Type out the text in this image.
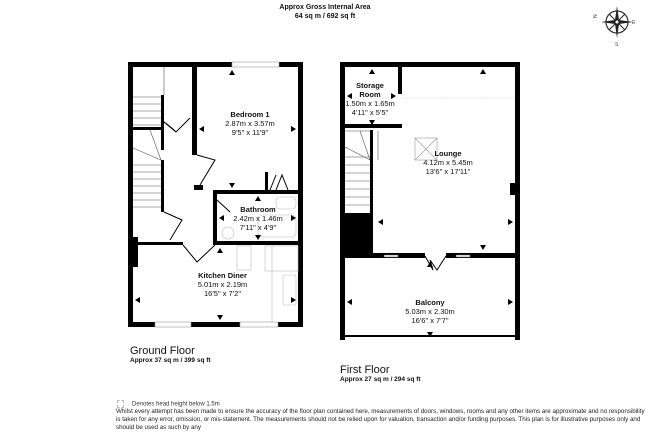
Approx Gross Internal Area
64 sq m / 692 sq ft	N
E
S
Bedroom 1
2.87m x 3.57m
9'5" x 11'9"
Bathroom
2.42m x 1.46m
7'11" x 4'9"
Kitchen Diner
5.01m x 2.19m
16'5" x 7'2"
Storage
Room
1.50m x 1.65m
4'11" x 5'5"
Lounge
4.12m x 5.45m
13'6" x 17'11"
Balcony
5.03m x 2.30m
16'6" x 7'7"
Ground Floor
Approx 37 sq m / 399 sq ft
First Floor
Approx 27 sq m / 294 sq ft
Denotes head height below 1.5m
Whilst every attempt has been made to ensure the accuracy of the floor plan contained here, measurements of doors, windows, rooms and any other items are approximate and no responsibility is taken for any error, omission, or mis-statement. The measurements should not be relied upon for valuation, transaction and/or funding purposes. This plan is for illustrative purposes only and should be used as such by any
